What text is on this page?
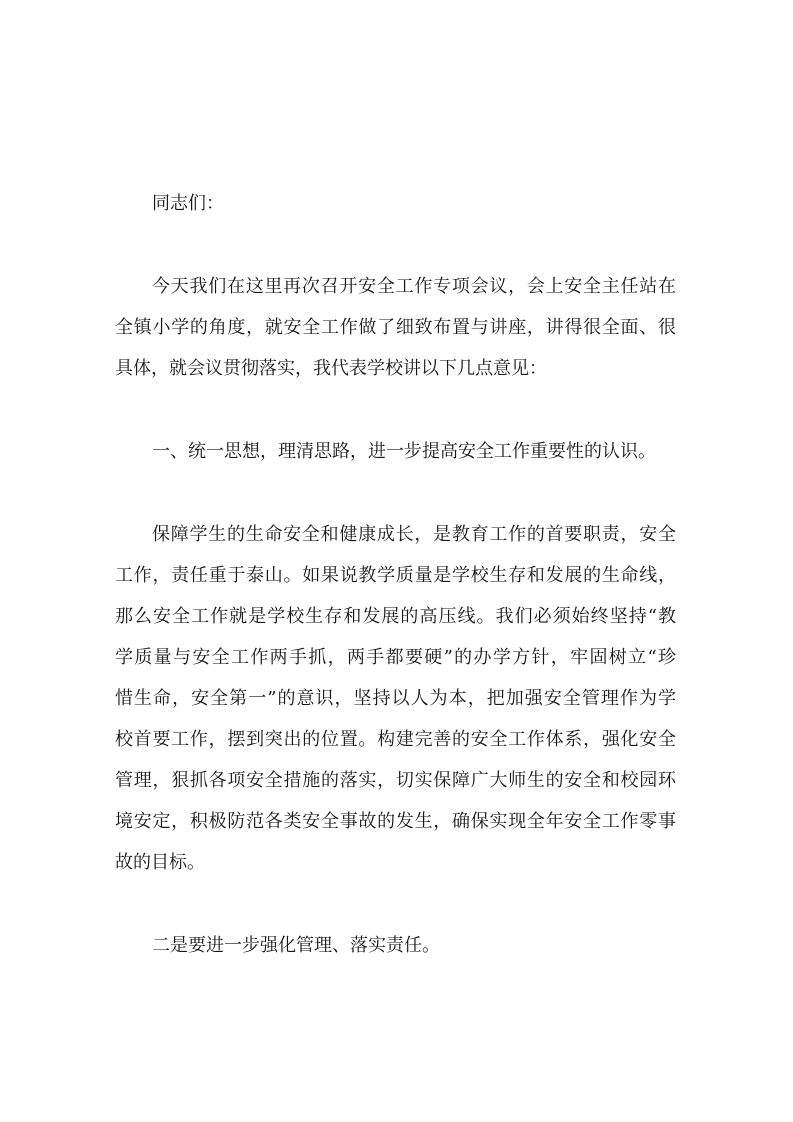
同志们：

今天我们在这里再次召开安全工作专项会议，会上安全主任站在
全镇小学的角度，就安全工作做了细致布置与讲座，讲得很全面、很
具体，就会议贯彻落实，我代表学校讲以下几点意见：

一、统一思想，理清思路，进一步提高安全工作重要性的认识。

保障学生的生命安全和健康成长，是教育工作的首要职责，安全
工作，责任重于泰山。如果说教学质量是学校生存和发展的生命线，
那么安全工作就是学校生存和发展的高压线。我们必须始终坚持“教
学质量与安全工作两手抓，两手都要硬”的办学方针，牢固树立“珍
惜生命，安全第一”的意识，坚持以人为本，把加强安全管理作为学
校首要工作，摆到突出的位置。构建完善的安全工作体系，强化安全
管理，狠抓各项安全措施的落实，切实保障广大师生的安全和校园环
境安定，积极防范各类安全事故的发生，确保实现全年安全工作零事
故的目标。

二是要进一步强化管理、落实责任。
